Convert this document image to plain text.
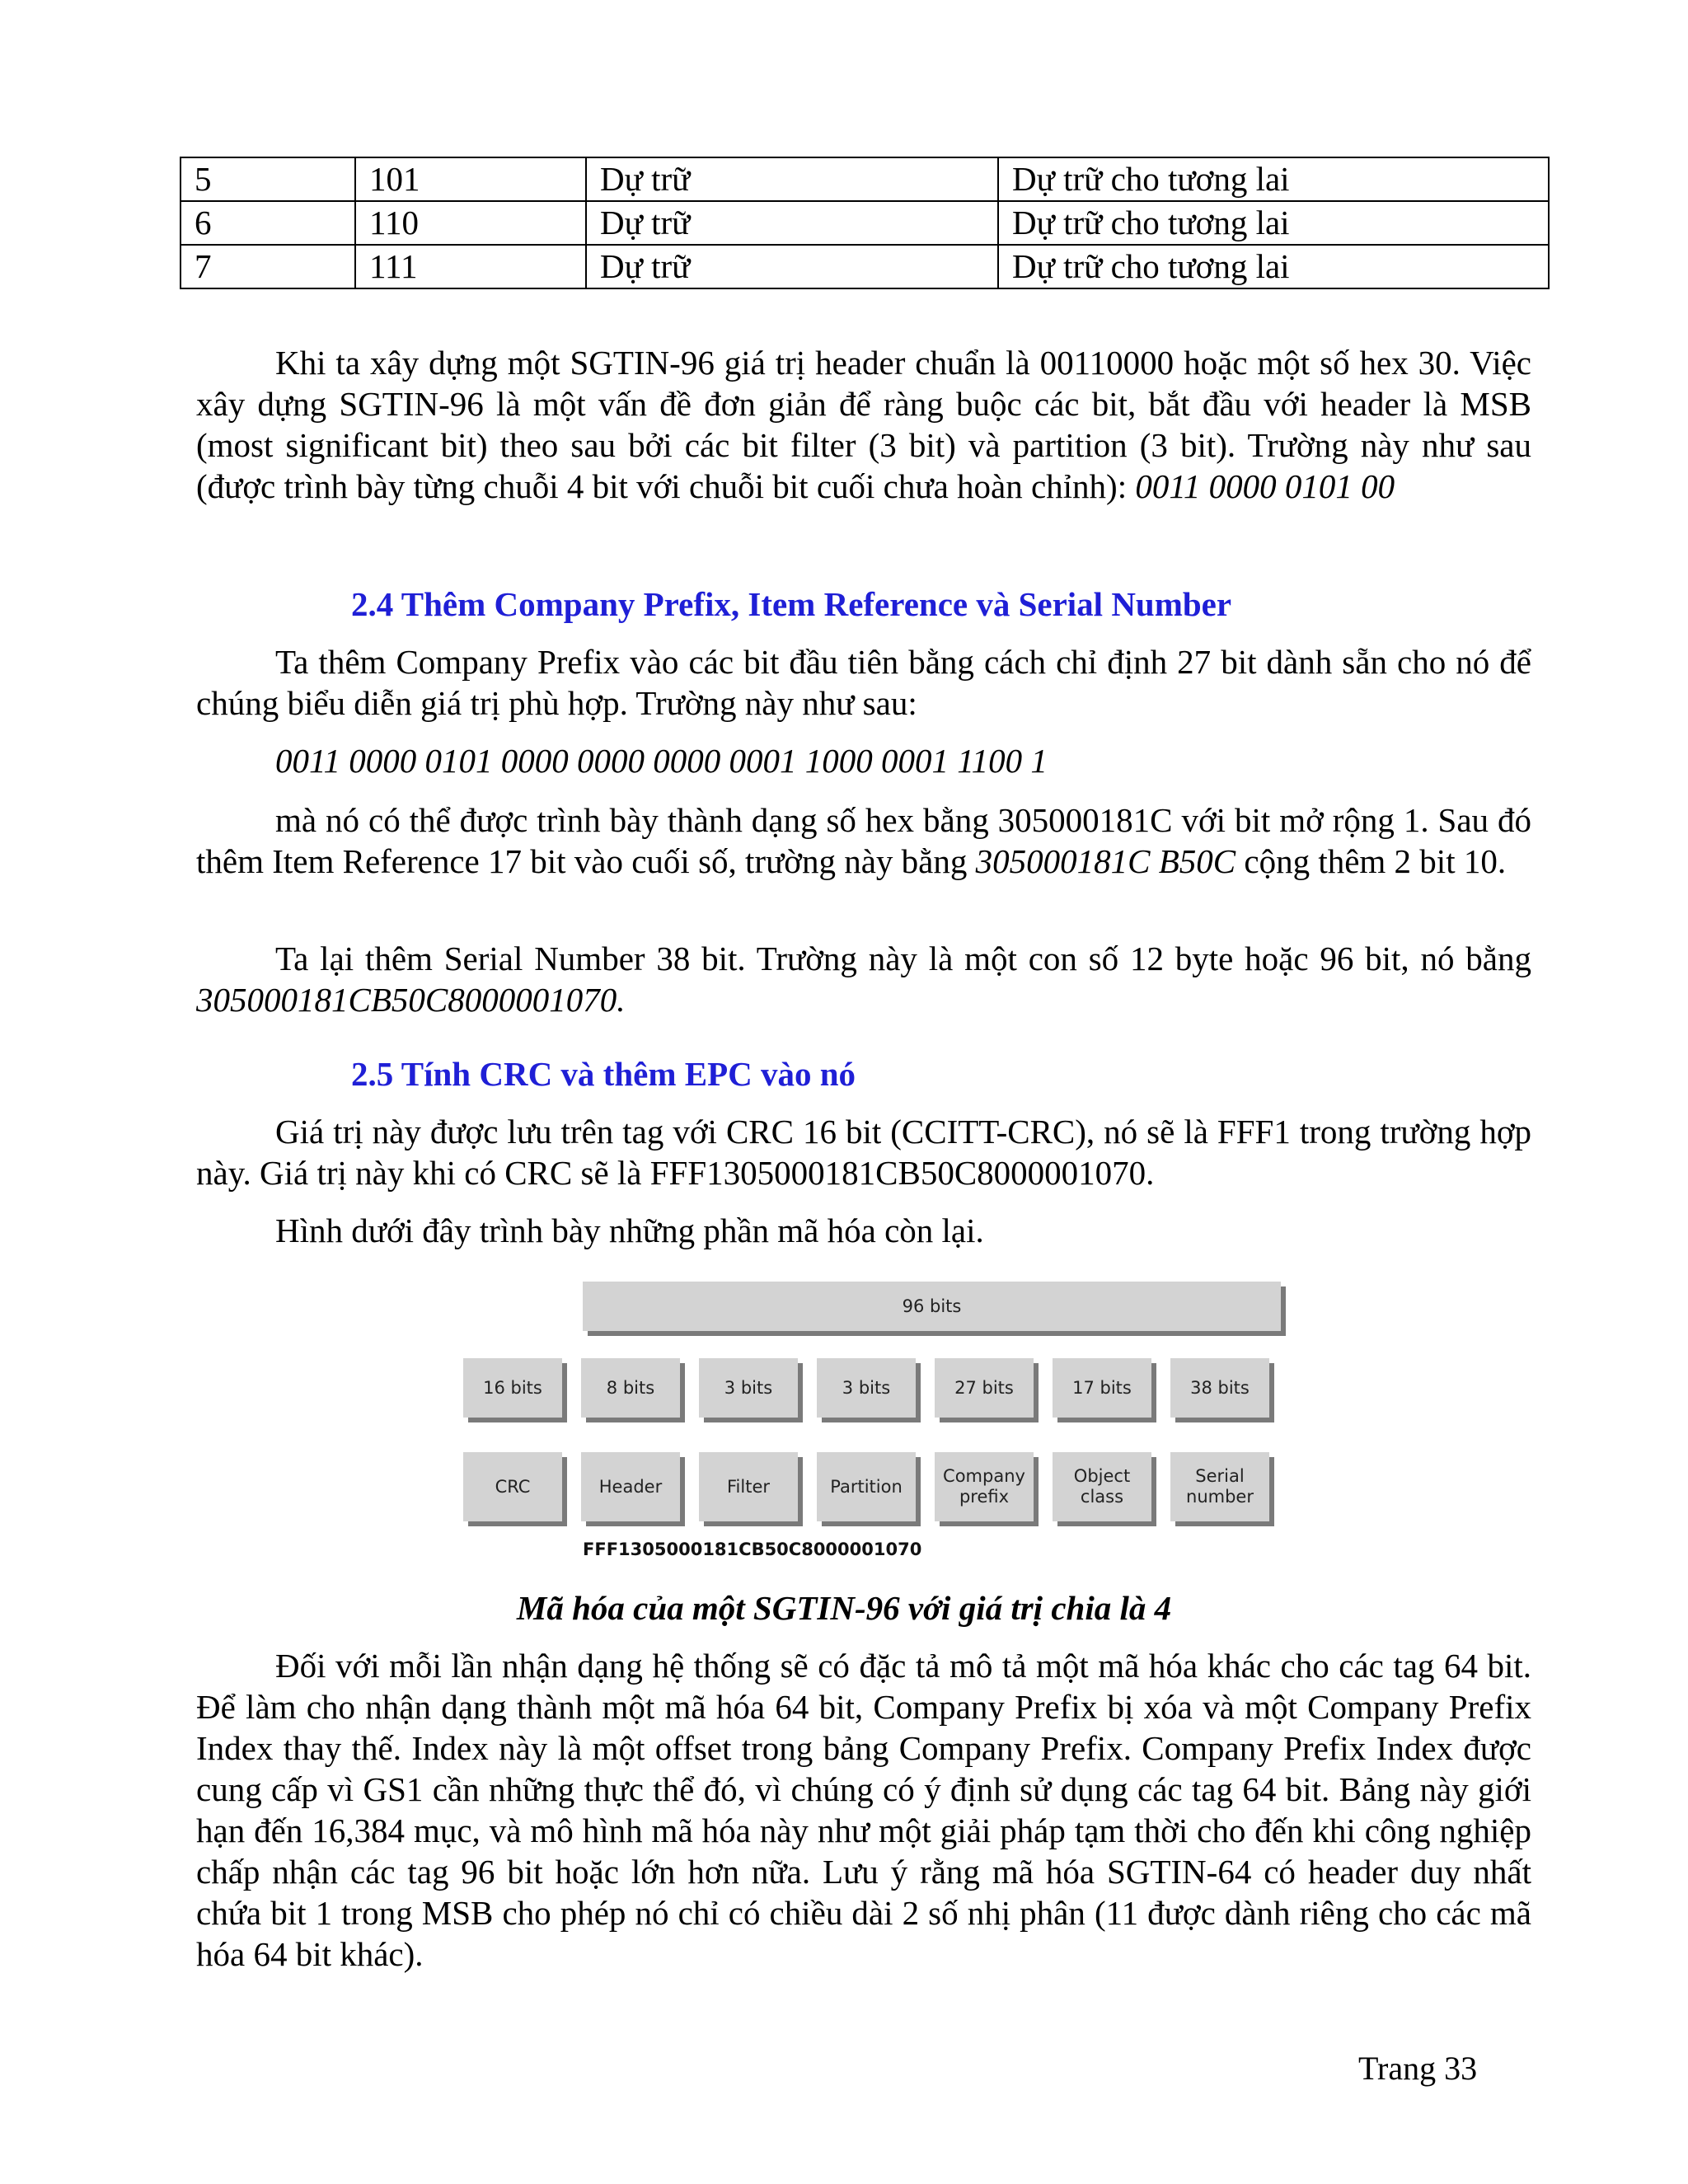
5	101	Dự trữ	Dự trữ cho tương lai
6	110	Dự trữ	Dự trữ cho tương lai
7	111	Dự trữ	Dự trữ cho tương lai

Khi ta xây dựng một SGTIN-96 giá trị header chuẩn là 00110000 hoặc một số hex 30. Việc xây dựng SGTIN-96 là một vấn đề đơn giản để ràng buộc các bit, bắt đầu với header là MSB (most significant bit) theo sau bởi các bit filter (3 bit) và partition (3 bit). Trường này như sau (được trình bày từng chuỗi 4 bit với chuỗi bit cuối chưa hoàn chỉnh): 0011 0000 0101 00

2.4 Thêm Company Prefix, Item Reference và Serial Number

Ta thêm Company Prefix vào các bit đầu tiên bằng cách chỉ định 27 bit dành sẵn cho nó để chúng biểu diễn giá trị phù hợp. Trường này như sau:

0011 0000 0101 0000 0000 0000 0001 1000 0001 1100 1

mà nó có thể được trình bày thành dạng số hex bằng 305000181C với bit mở rộng 1. Sau đó thêm Item Reference 17 bit vào cuối số, trường này bằng 305000181C B50C cộng thêm 2 bit 10.

Ta lại thêm Serial Number 38 bit. Trường này là một con số 12 byte hoặc 96 bit, nó bằng 305000181CB50C8000001070.

2.5 Tính CRC và thêm EPC vào nó

Giá trị này được lưu trên tag với CRC 16 bit (CCITT-CRC), nó sẽ là FFF1 trong trường hợp này. Giá trị này khi có CRC sẽ là FFF1305000181CB50C8000001070.

Hình dưới đây trình bày những phần mã hóa còn lại.

96 bits
16 bits	8 bits	3 bits	3 bits	27 bits	17 bits	38 bits
CRC	Header	Filter	Partition
Company
prefix
Object
class
Serial
number
FFF1305000181CB50C8000001070

Mã hóa của một SGTIN-96 với giá trị chia là 4

Đối với mỗi lần nhận dạng hệ thống sẽ có đặc tả mô tả một mã hóa khác cho các tag 64 bit. Để làm cho nhận dạng thành một mã hóa 64 bit, Company Prefix bị xóa và một Company Prefix Index thay thế. Index này là một offset trong bảng Company Prefix. Company Prefix Index được cung cấp vì GS1 cần những thực thể đó, vì chúng có ý định sử dụng các tag 64 bit. Bảng này giới hạn đến 16,384 mục, và mô hình mã hóa này như một giải pháp tạm thời cho đến khi công nghiệp chấp nhận các tag 96 bit hoặc lớn hơn nữa. Lưu ý rằng mã hóa SGTIN-64 có header duy nhất chứa bit 1 trong MSB cho phép nó chỉ có chiều dài 2 số nhị phân (11 được dành riêng cho các mã hóa 64 bit khác).

Trang 33
